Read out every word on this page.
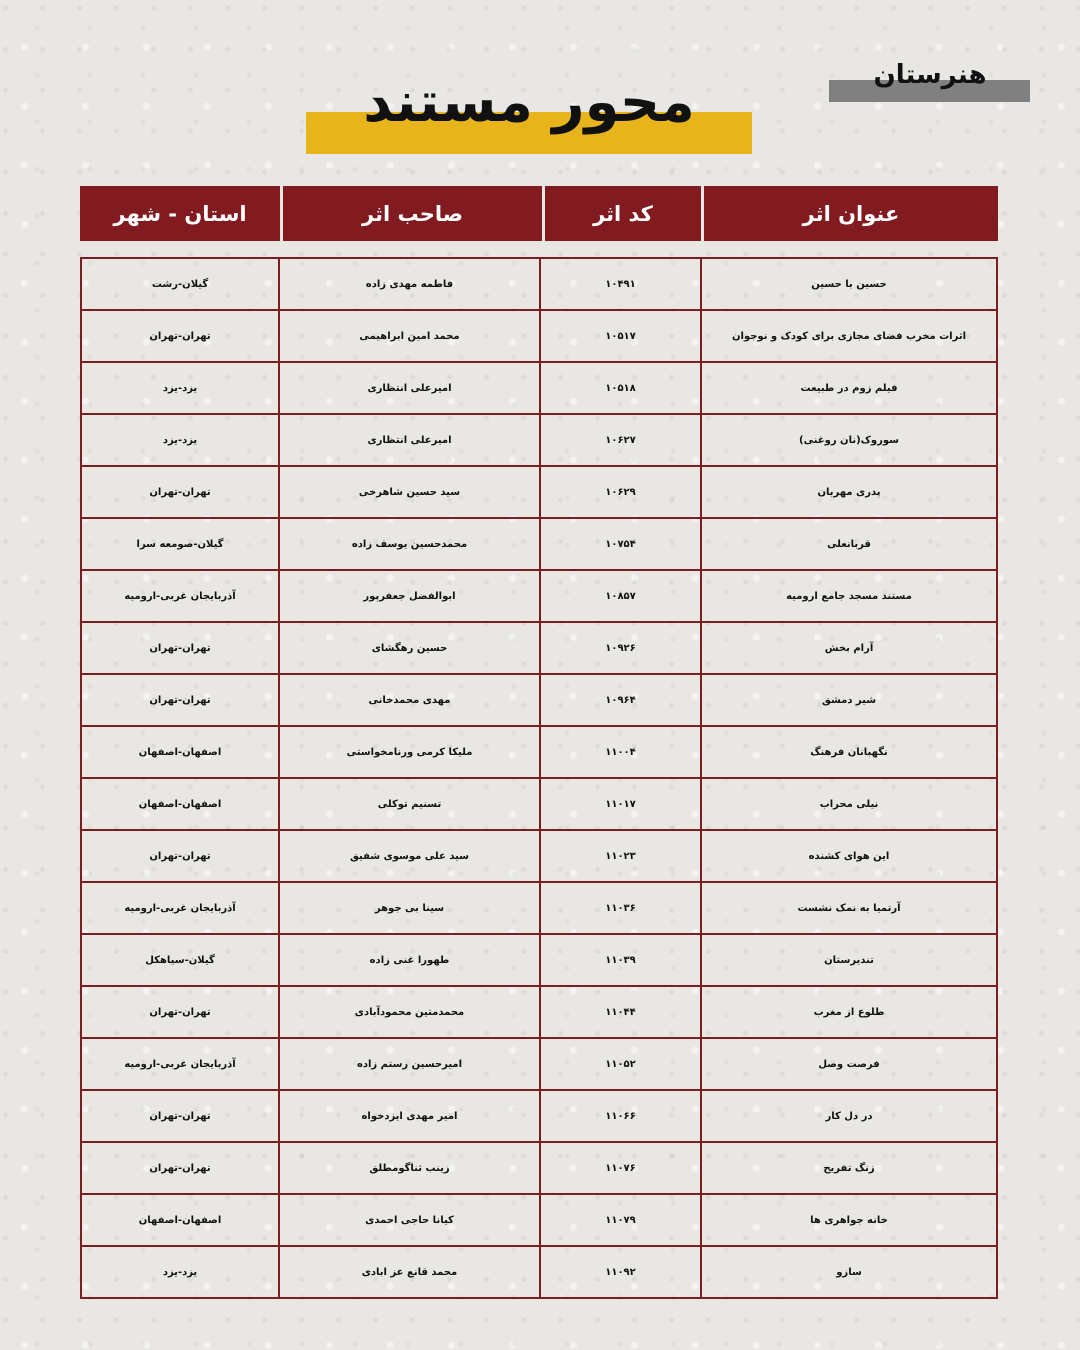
هنرستان
محور مستند
عنوان اثر
کد اثر
صاحب اثر
استان - شهر
حسین با حسین
۱۰۴۹۱
فاطمه مهدی زاده
گیلان-رشت
اثرات مخرب فضای مجازی برای کودک و نوجوان
۱۰۵۱۷
محمد امین ابراهیمی
تهران-تهران
فیلم زوم در طبیعت
۱۰۵۱۸
امیرعلی انتظاری
یزد-یزد
سوروک(نان روغنی)
۱۰۶۲۷
امیرعلی انتظاری
یزد-یزد
پدری مهربان
۱۰۶۲۹
سید حسین شاهرخی
تهران-تهران
قربانعلی
۱۰۷۵۴
محمدحسین یوسف زاده
گیلان-صومعه سرا
مستند مسجد جامع ارومیه
۱۰۸۵۷
ابوالفضل جعفرپور
آذربایجان غربی-ارومیه
آرام بخش
۱۰۹۲۶
حسین رهگشای
تهران-تهران
شیر دمشق
۱۰۹۶۴
مهدی محمدخانی
تهران-تهران
نگهبانان فرهنگ
۱۱۰۰۴
ملیکا کرمی ورنامخواستی
اصفهان-اصفهان
نیلی محراب
۱۱۰۱۷
تسنیم توکلی
اصفهان-اصفهان
این هوای کشنده
۱۱۰۲۳
سید علی موسوی شفیق
تهران-تهران
آرتمیا به نمک نشست
۱۱۰۳۶
سینا بی جوهر
آذربایجان غربی-ارومیه
تندیرستان
۱۱۰۳۹
طهورا غنی زاده
گیلان-سیاهکل
طلوع از مغرب
۱۱۰۴۴
محمدمتین محمودآبادی
تهران-تهران
فرصت وصل
۱۱۰۵۲
امیرحسین رستم زاده
آذربایجان غربی-ارومیه
در دل کار
۱۱۰۶۶
امیر مهدی ایزدخواه
تهران-تهران
زنگ تفریح
۱۱۰۷۶
زینب ثناگومطلق
تهران-تهران
خانه جواهری ها
۱۱۰۷۹
کیانا حاجی احمدی
اصفهان-اصفهان
سازو
۱۱۰۹۲
محمد قانع عز ابادی
یزد-یزد
